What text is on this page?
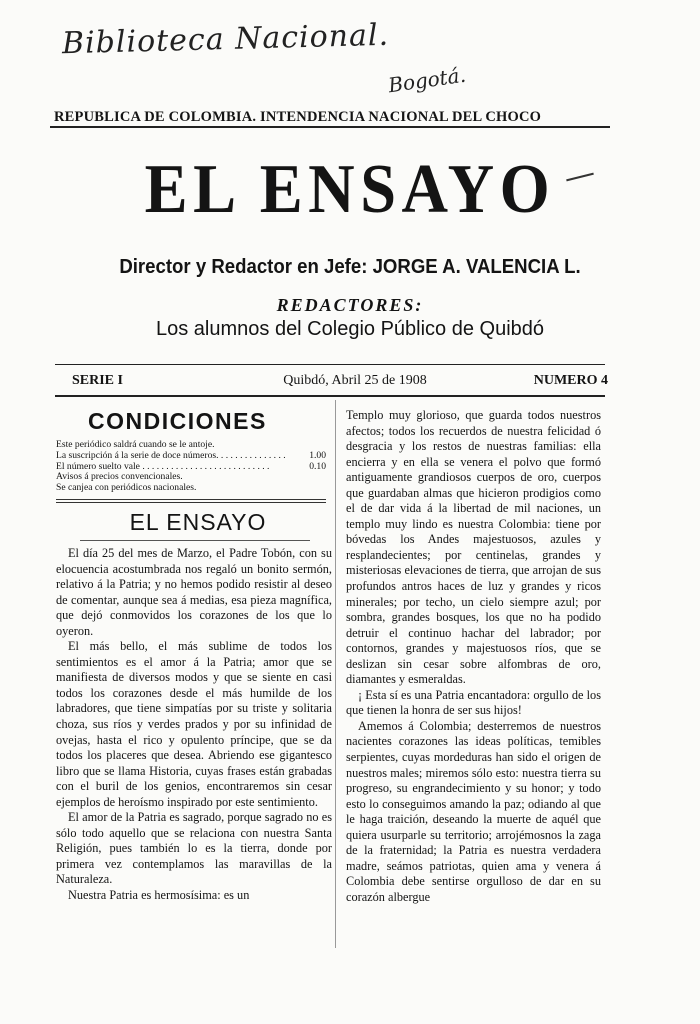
Biblioteca Nacional.
Bogotá.
REPUBLICA DE COLOMBIA. INTENDENCIA NACIONAL DEL CHOCO
EL ENSAYO
Director y Redactor en Jefe: JORGE A. VALENCIA L.
REDACTORES:
Los alumnos del Colegio Público de Quibdó
SERIE I	Quibdó, Abril 25 de 1908	NUMERO 4
CONDICIONES
Este periódico saldrá cuando se le antoje.
La suscripción á la serie de doce números. . . . . . . . . . . . . . .	1.00
El número suelto vale . . . . . . . . . . . . . . . . . . . . . . . . . . .	0.10
Avisos á precios convencionales.
Se canjea con periódicos nacionales.
EL ENSAYO

El día 25 del mes de Marzo, el Padre Tobón, con su elocuencia acostumbrada nos regaló un bonito sermón, relativo á la Patria; y no hemos podido resistir al deseo de comentar, aunque sea á medias, esa pieza magnífica, que dejó conmovidos los corazones de los que lo oyeron.

El más bello, el más sublime de todos los sentimientos es el amor á la Patria; amor que se manifiesta de diversos modos y que se siente en casi todos los corazones desde el más humilde de los labradores, que tiene simpatías por su triste y solitaria choza, sus ríos y verdes prados y por su infinidad de ovejas, hasta el rico y opulento príncipe, que se da todos los placeres que desea. Abriendo ese gigantesco libro que se llama Historia, cuyas frases están grabadas con el buril de los genios, encontraremos sin cesar ejemplos de heroísmo inspirado por este sentimiento.

El amor de la Patria es sagrado, porque sagrado no es sólo todo aquello que se relaciona con nuestra Santa Religión, pues también lo es la tierra, donde por primera vez contemplamos las maravillas de la Naturaleza.

Nuestra Patria es hermosísima: es un

Templo muy glorioso, que guarda todos nuestros afectos; todos los recuerdos de nuestra felicidad ó desgracia y los restos de nuestras familias: ella encierra y en ella se venera el polvo que formó antiguamente grandiosos cuerpos de oro, cuerpos que guardaban almas que hicieron prodigios como el de dar vida á la libertad de mil naciones, un templo muy lindo es nuestra Colombia: tiene por bóvedas los Andes majestuosos, azules y resplandecientes; por centinelas, grandes y misteriosas elevaciones de tierra, que arrojan de sus profundos antros haces de luz y grandes y ricos minerales; por techo, un cielo siempre azul; por sombra, grandes bosques, los que no ha podido detruir el continuo hachar del labrador; por contornos, grandes y majestuosos ríos, que se deslizan sin cesar sobre alfombras de oro, diamantes y esmeraldas.

¡ Esta sí es una Patria encantadora: orgullo de los que tienen la honra de ser sus hijos!

Amemos á Colombia; desterremos de nuestros nacientes corazones las ideas políticas, temibles serpientes, cuyas mordeduras han sido el origen de nuestros males; miremos sólo esto: nuestra tierra su progreso, su engrandecimiento y su honor; y todo esto lo conseguimos amando la paz; odiando al que le haga traición, deseando la muerte de aquél que quiera usurparle su territorio; arrojémosnos la zaga de la fraternidad; la Patria es nuestra verdadera madre, seámos patriotas, quien ama y venera á Colombia debe sentirse orgulloso de dar en su corazón albergue
